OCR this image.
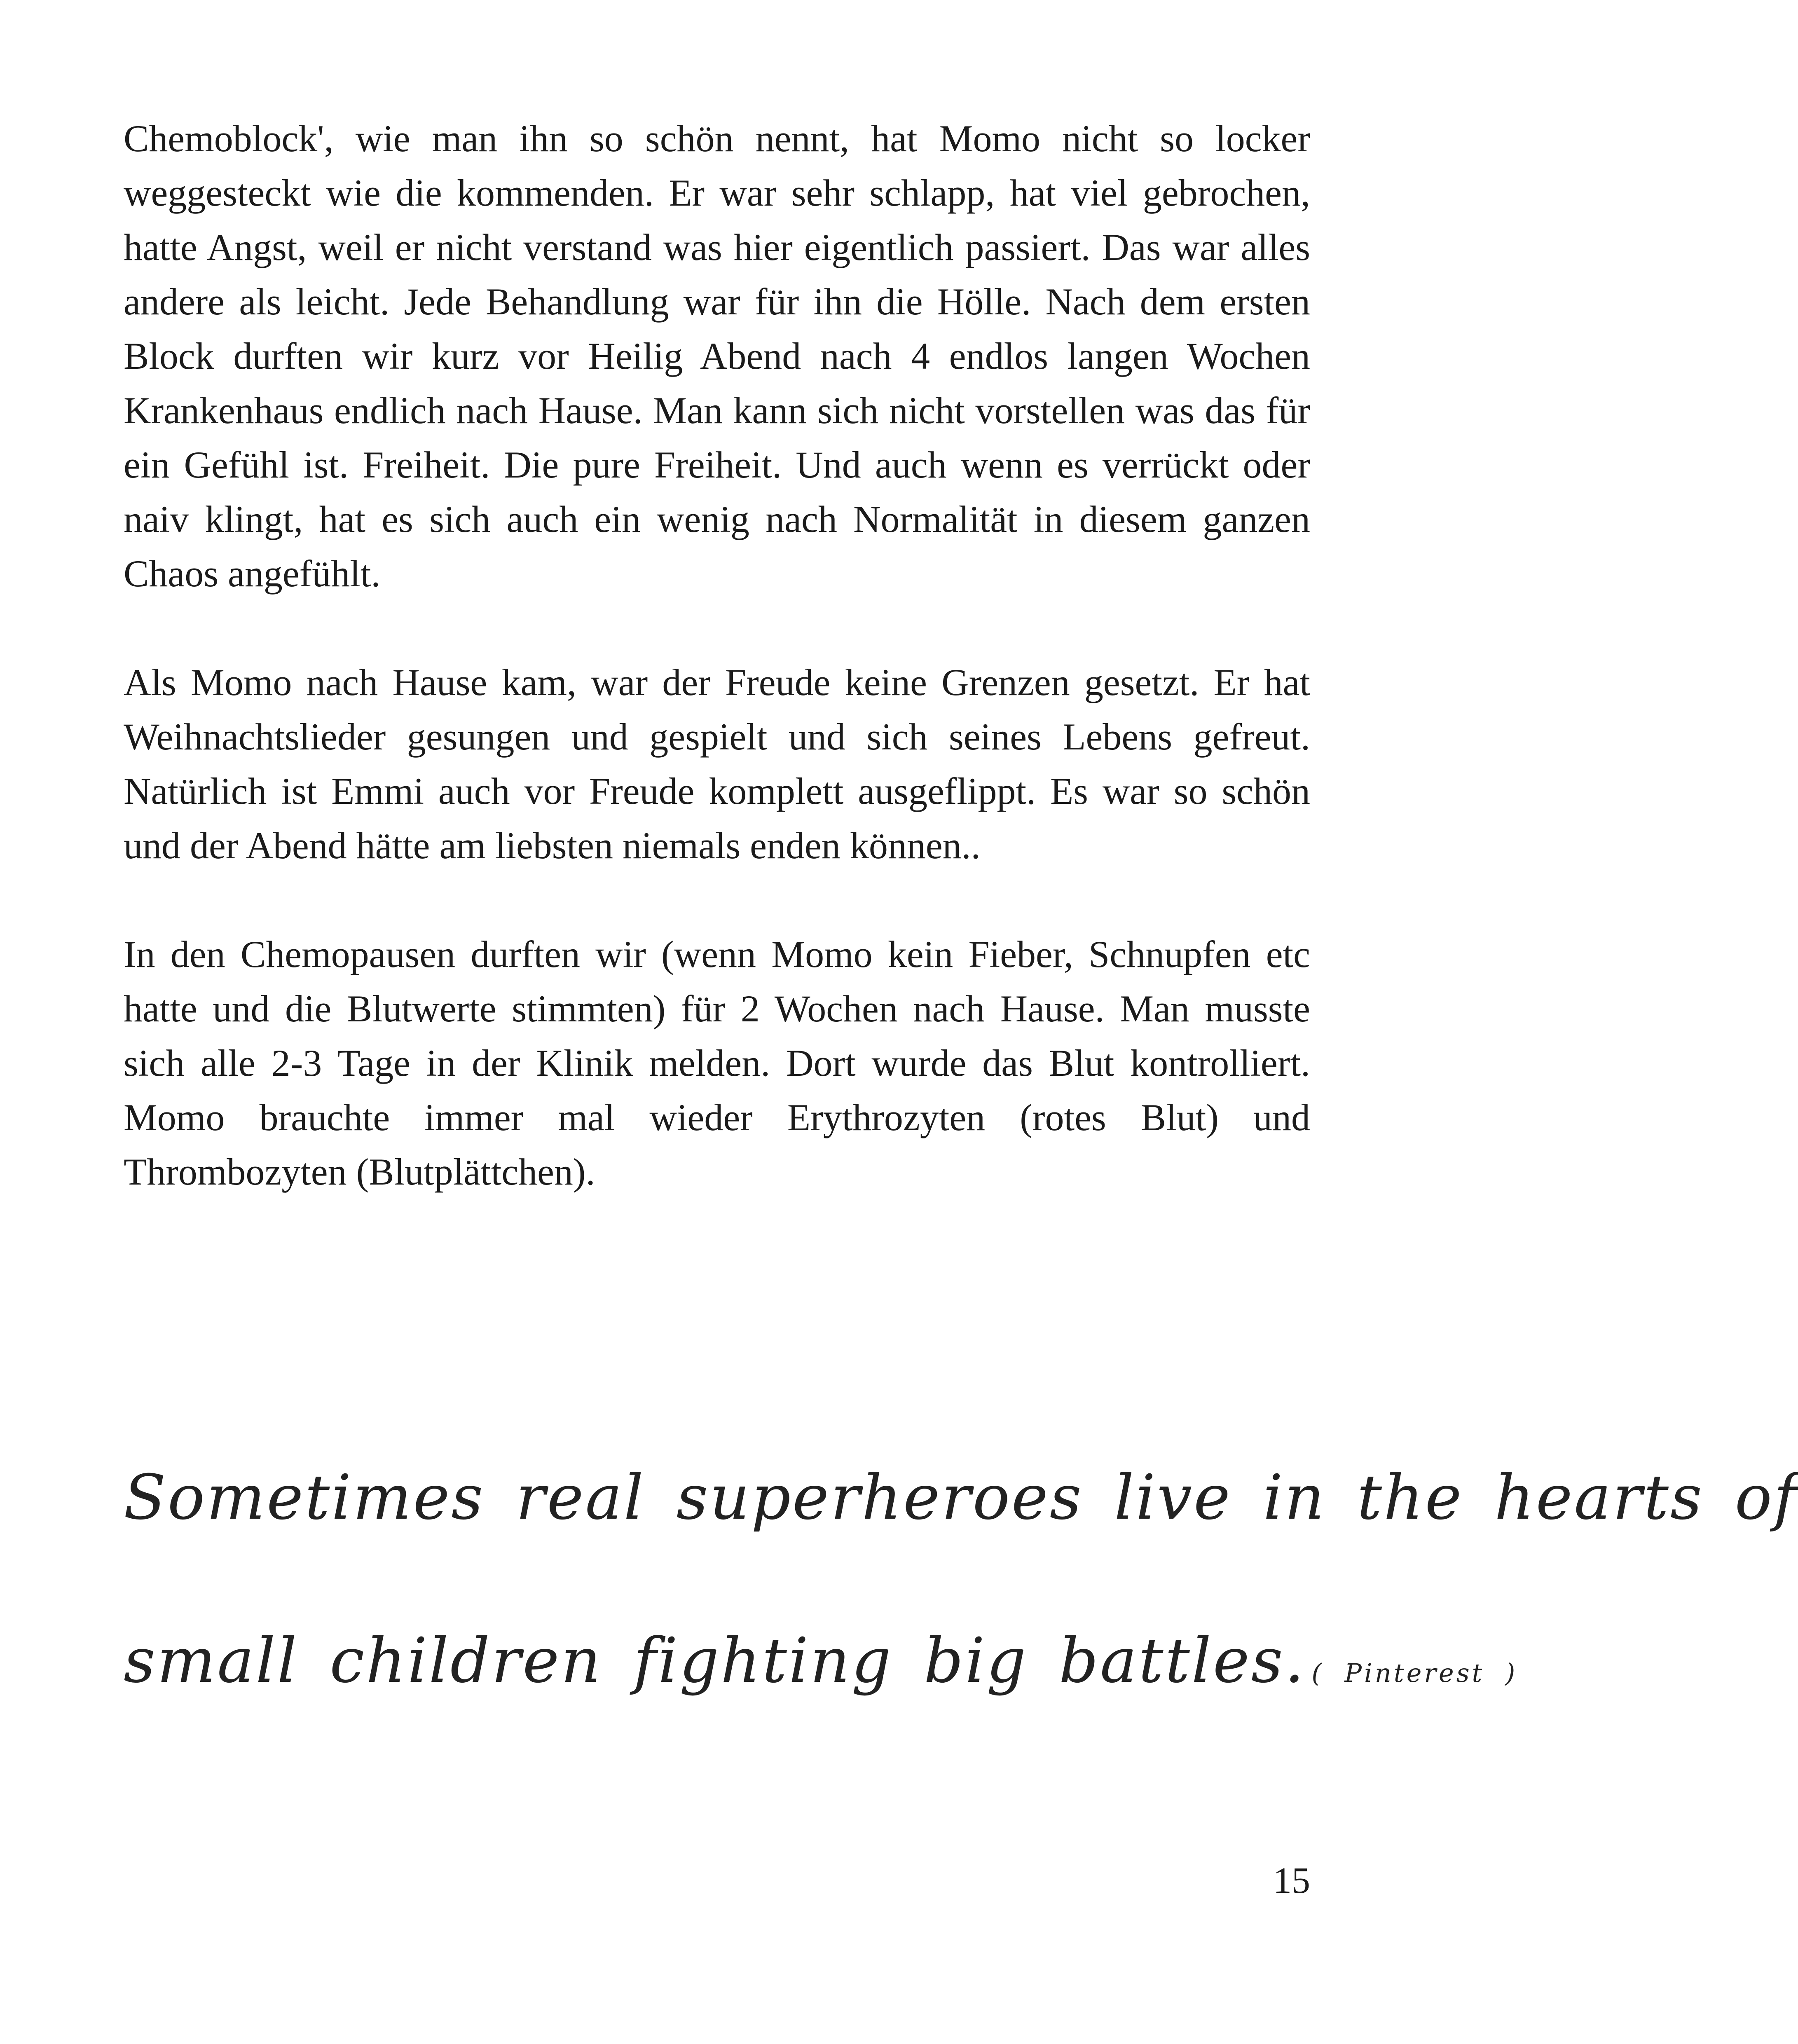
Chemoblock', wie man ihn so schön nennt, hat Momo nicht so locker weggesteckt wie die kommenden. Er war sehr schlapp, hat viel gebrochen, hatte Angst, weil er nicht verstand was hier eigentlich passiert. Das war alles andere als leicht. Jede Behandlung war für ihn die Hölle. Nach dem ersten Block durften wir kurz vor Heilig Abend nach 4 endlos langen Wochen Krankenhaus endlich nach Hause. Man kann sich nicht vorstellen was das für ein Gefühl ist. Freiheit. Die pure Freiheit. Und auch wenn es verrückt oder naiv klingt, hat es sich auch ein wenig nach Normalität in diesem ganzen Chaos angefühlt.

Als Momo nach Hause kam, war der Freude keine Grenzen gesetzt. Er hat Weihnachtslieder gesungen und gespielt und sich seines Lebens gefreut. Natürlich ist Emmi auch vor Freude komplett ausgeflippt. Es war so schön und der Abend hätte am liebsten niemals enden können..

In den Chemopausen durften wir (wenn Momo kein Fieber, Schnupfen etc hatte und die Blutwerte stimmten) für 2 Wochen nach Hause. Man musste sich alle 2-3 Tage in der Klinik melden. Dort wurde das Blut kontrolliert. Momo brauchte immer mal wieder Erythrozyten (rotes Blut) und Thrombozyten (Blutplättchen).

Sometimes real superheroes live in the hearts of
small children fighting big battles. ( Pinterest )

15
